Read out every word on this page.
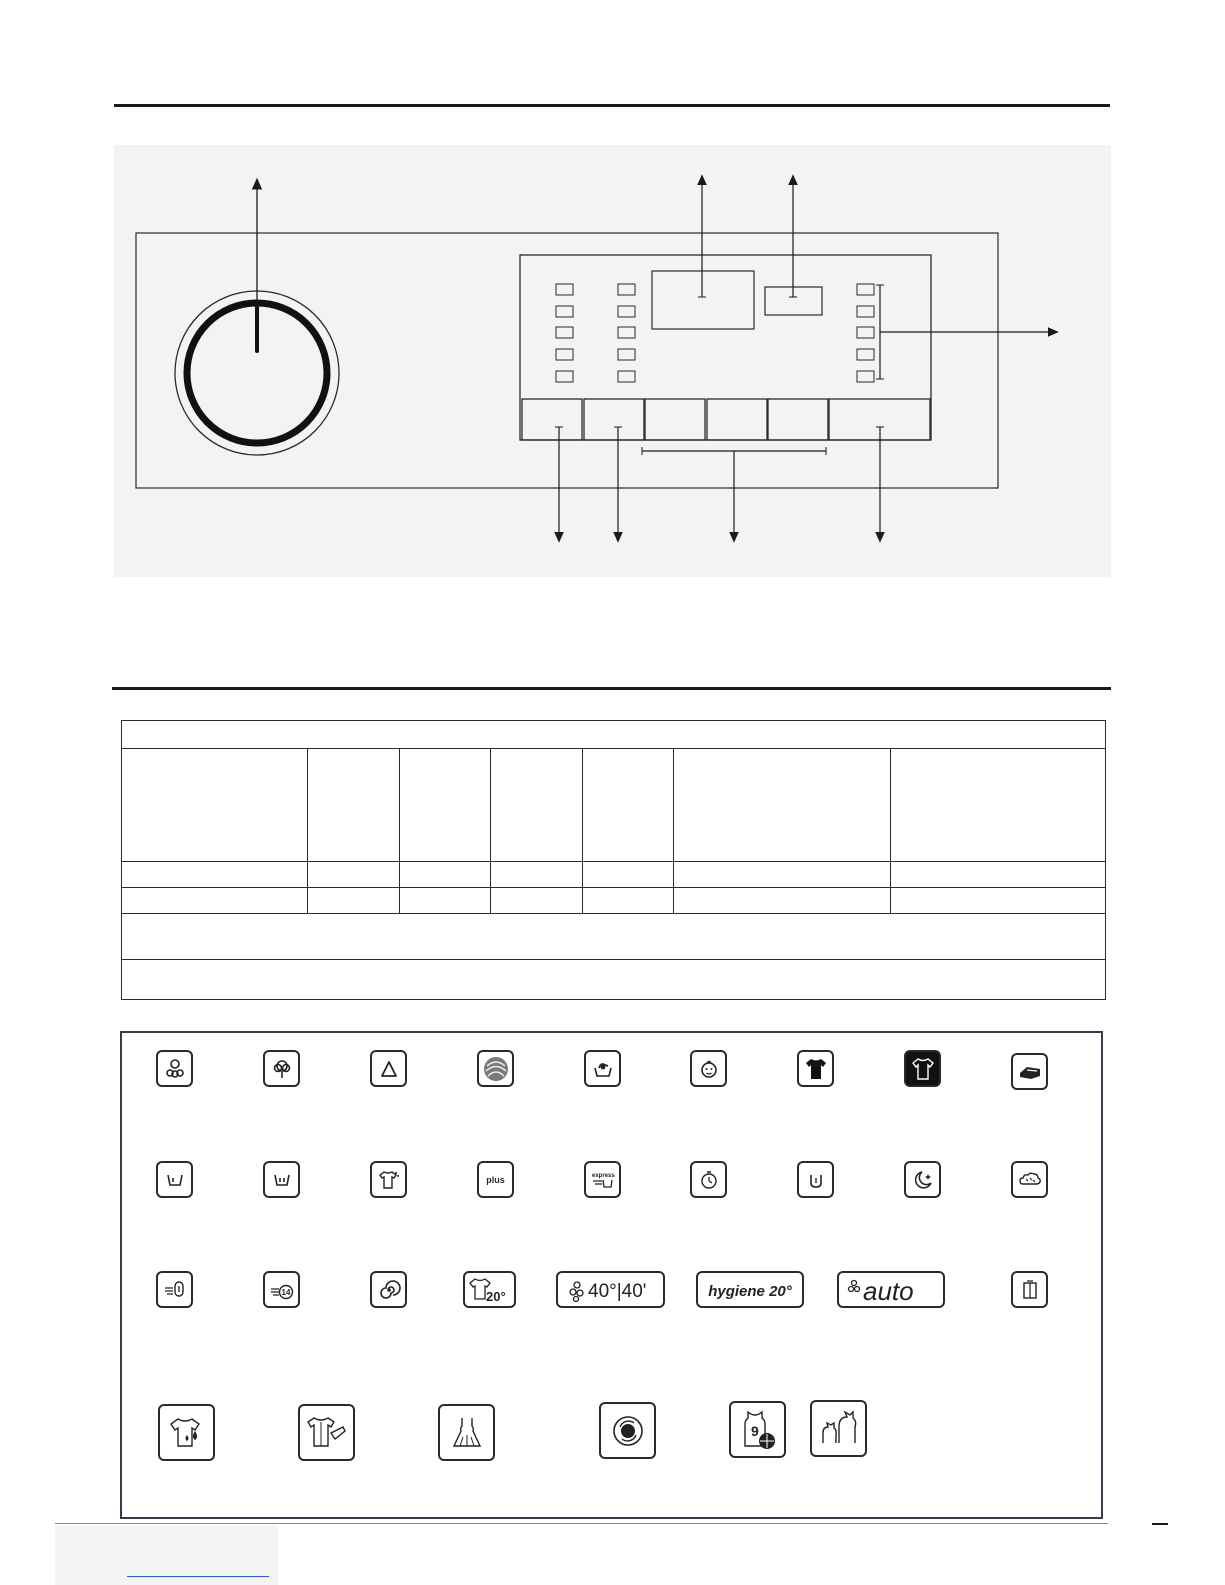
plus	express
14	20°	40°|40'	hygiene 20°	auto
9
